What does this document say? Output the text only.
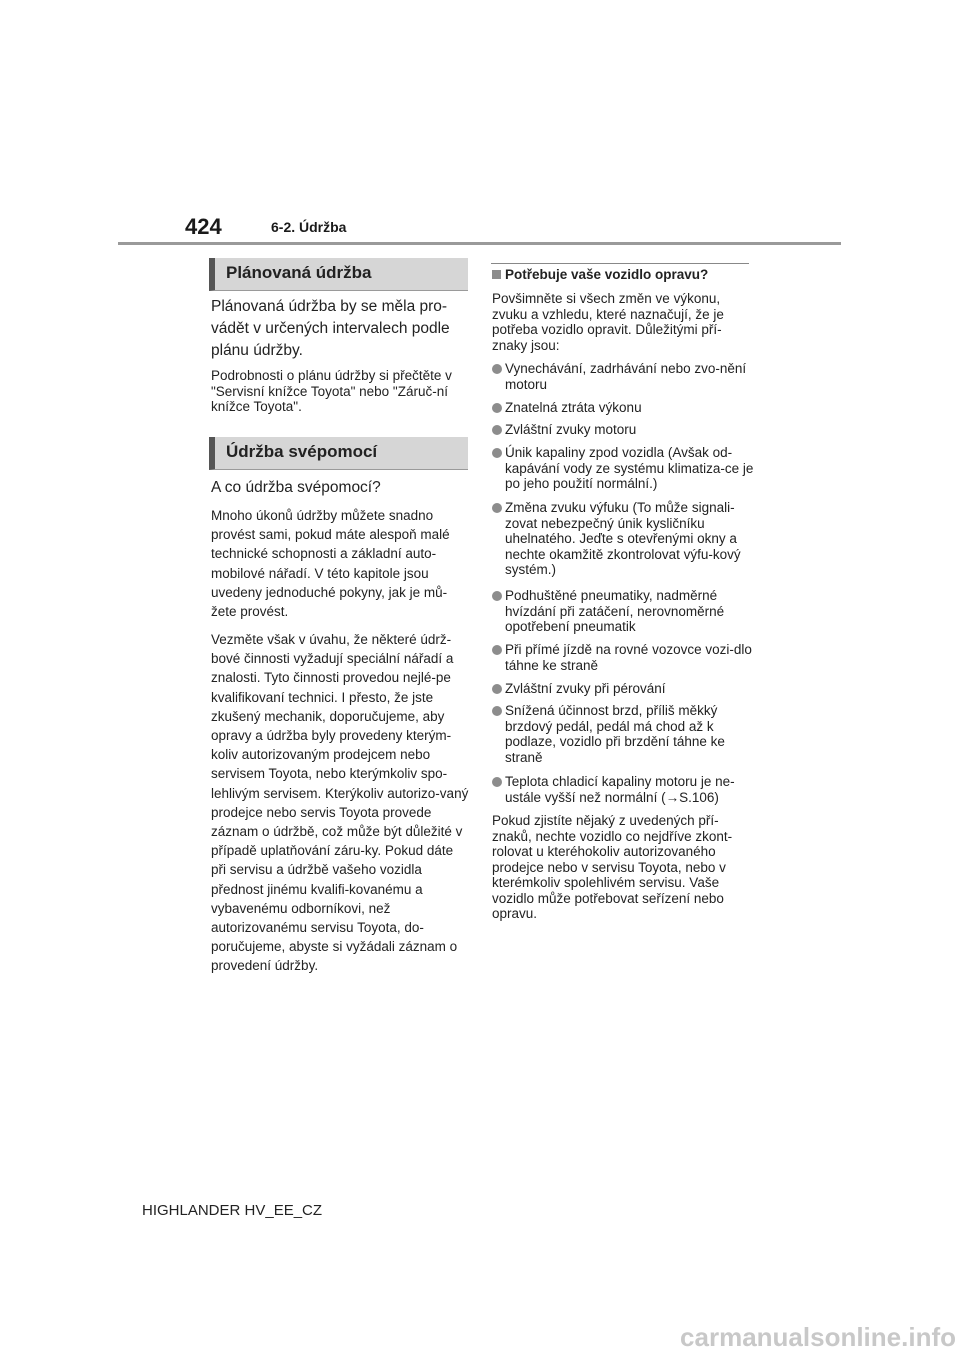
424	6-2. Údržba
Plánovaná údržba
Plánovaná údržba by se měla pro-vádět v určených intervalech podle plánu údržby.
Podrobnosti o plánu údržby si přečtěte v "Servisní knížce Toyota" nebo "Záruč-ní knížce Toyota".
Údržba svépomocí
A co údržba svépomocí?
Mnoho úkonů údržby můžete snadno provést sami, pokud máte alespoň malé technické schopnosti a základní auto-mobilové nářadí. V této kapitole jsou uvedeny jednoduché pokyny, jak je mů-žete provést.
Vezměte však v úvahu, že některé údrž-bové činnosti vyžadují speciální nářadí a znalosti. Tyto činnosti provedou nejlé-pe kvalifikovaní technici. I přesto, že jste zkušený mechanik, doporučujeme, aby opravy a údržba byly provedeny kterým-koliv autorizovaným prodejcem nebo servisem Toyota, nebo kterýmkoliv spo-lehlivým servisem. Kterýkoliv autorizo-vaný prodejce nebo servis Toyota provede záznam o údržbě, což může být důležité v případě uplatňování záru-ky. Pokud dáte při servisu a údržbě vašeho vozidla přednost jinému kvalifi-kovanému a vybavenému odborníkovi, než autorizovanému servisu Toyota, do-poručujeme, abyste si vyžádali záznam o provedení údržby.
Potřebuje vaše vozidlo opravu?
Povšimněte si všech změn ve výkonu, zvuku a vzhledu, které naznačují, že je potřeba vozidlo opravit. Důležitými pří-znaky jsou:
Vynechávání, zadrhávání nebo zvo-nění motoru
Znatelná ztráta výkonu
Zvláštní zvuky motoru
Únik kapaliny zpod vozidla (Avšak od-kapávání vody ze systému klimatiza-ce je po jeho použití normální.)
Změna zvuku výfuku (To může signali-zovat nebezpečný únik kysličníku uhelnatého. Jeďte s otevřenými okny a nechte okamžitě zkontrolovat výfu-kový systém.)
Podhuštěné pneumatiky, nadměrné hvízdání při zatáčení, nerovnoměrné opotřebení pneumatik
Při přímé jízdě na rovné vozovce vozi-dlo táhne ke straně
Zvláštní zvuky při pérování
Snížená účinnost brzd, příliš měkký brzdový pedál, pedál má chod až k podlaze, vozidlo při brzdění táhne ke straně
Teplota chladicí kapaliny motoru je ne-ustále vyšší než normální (→S.106)
Pokud zjistíte nějaký z uvedených pří-znaků, nechte vozidlo co nejdříve zkont-rolovat u kteréhokoliv autorizovaného prodejce nebo v servisu Toyota, nebo v kterémkoliv spolehlivém servisu. Vaše vozidlo může potřebovat seřízení nebo opravu.
HIGHLANDER HV_EE_CZ
carmanualsonline.info
